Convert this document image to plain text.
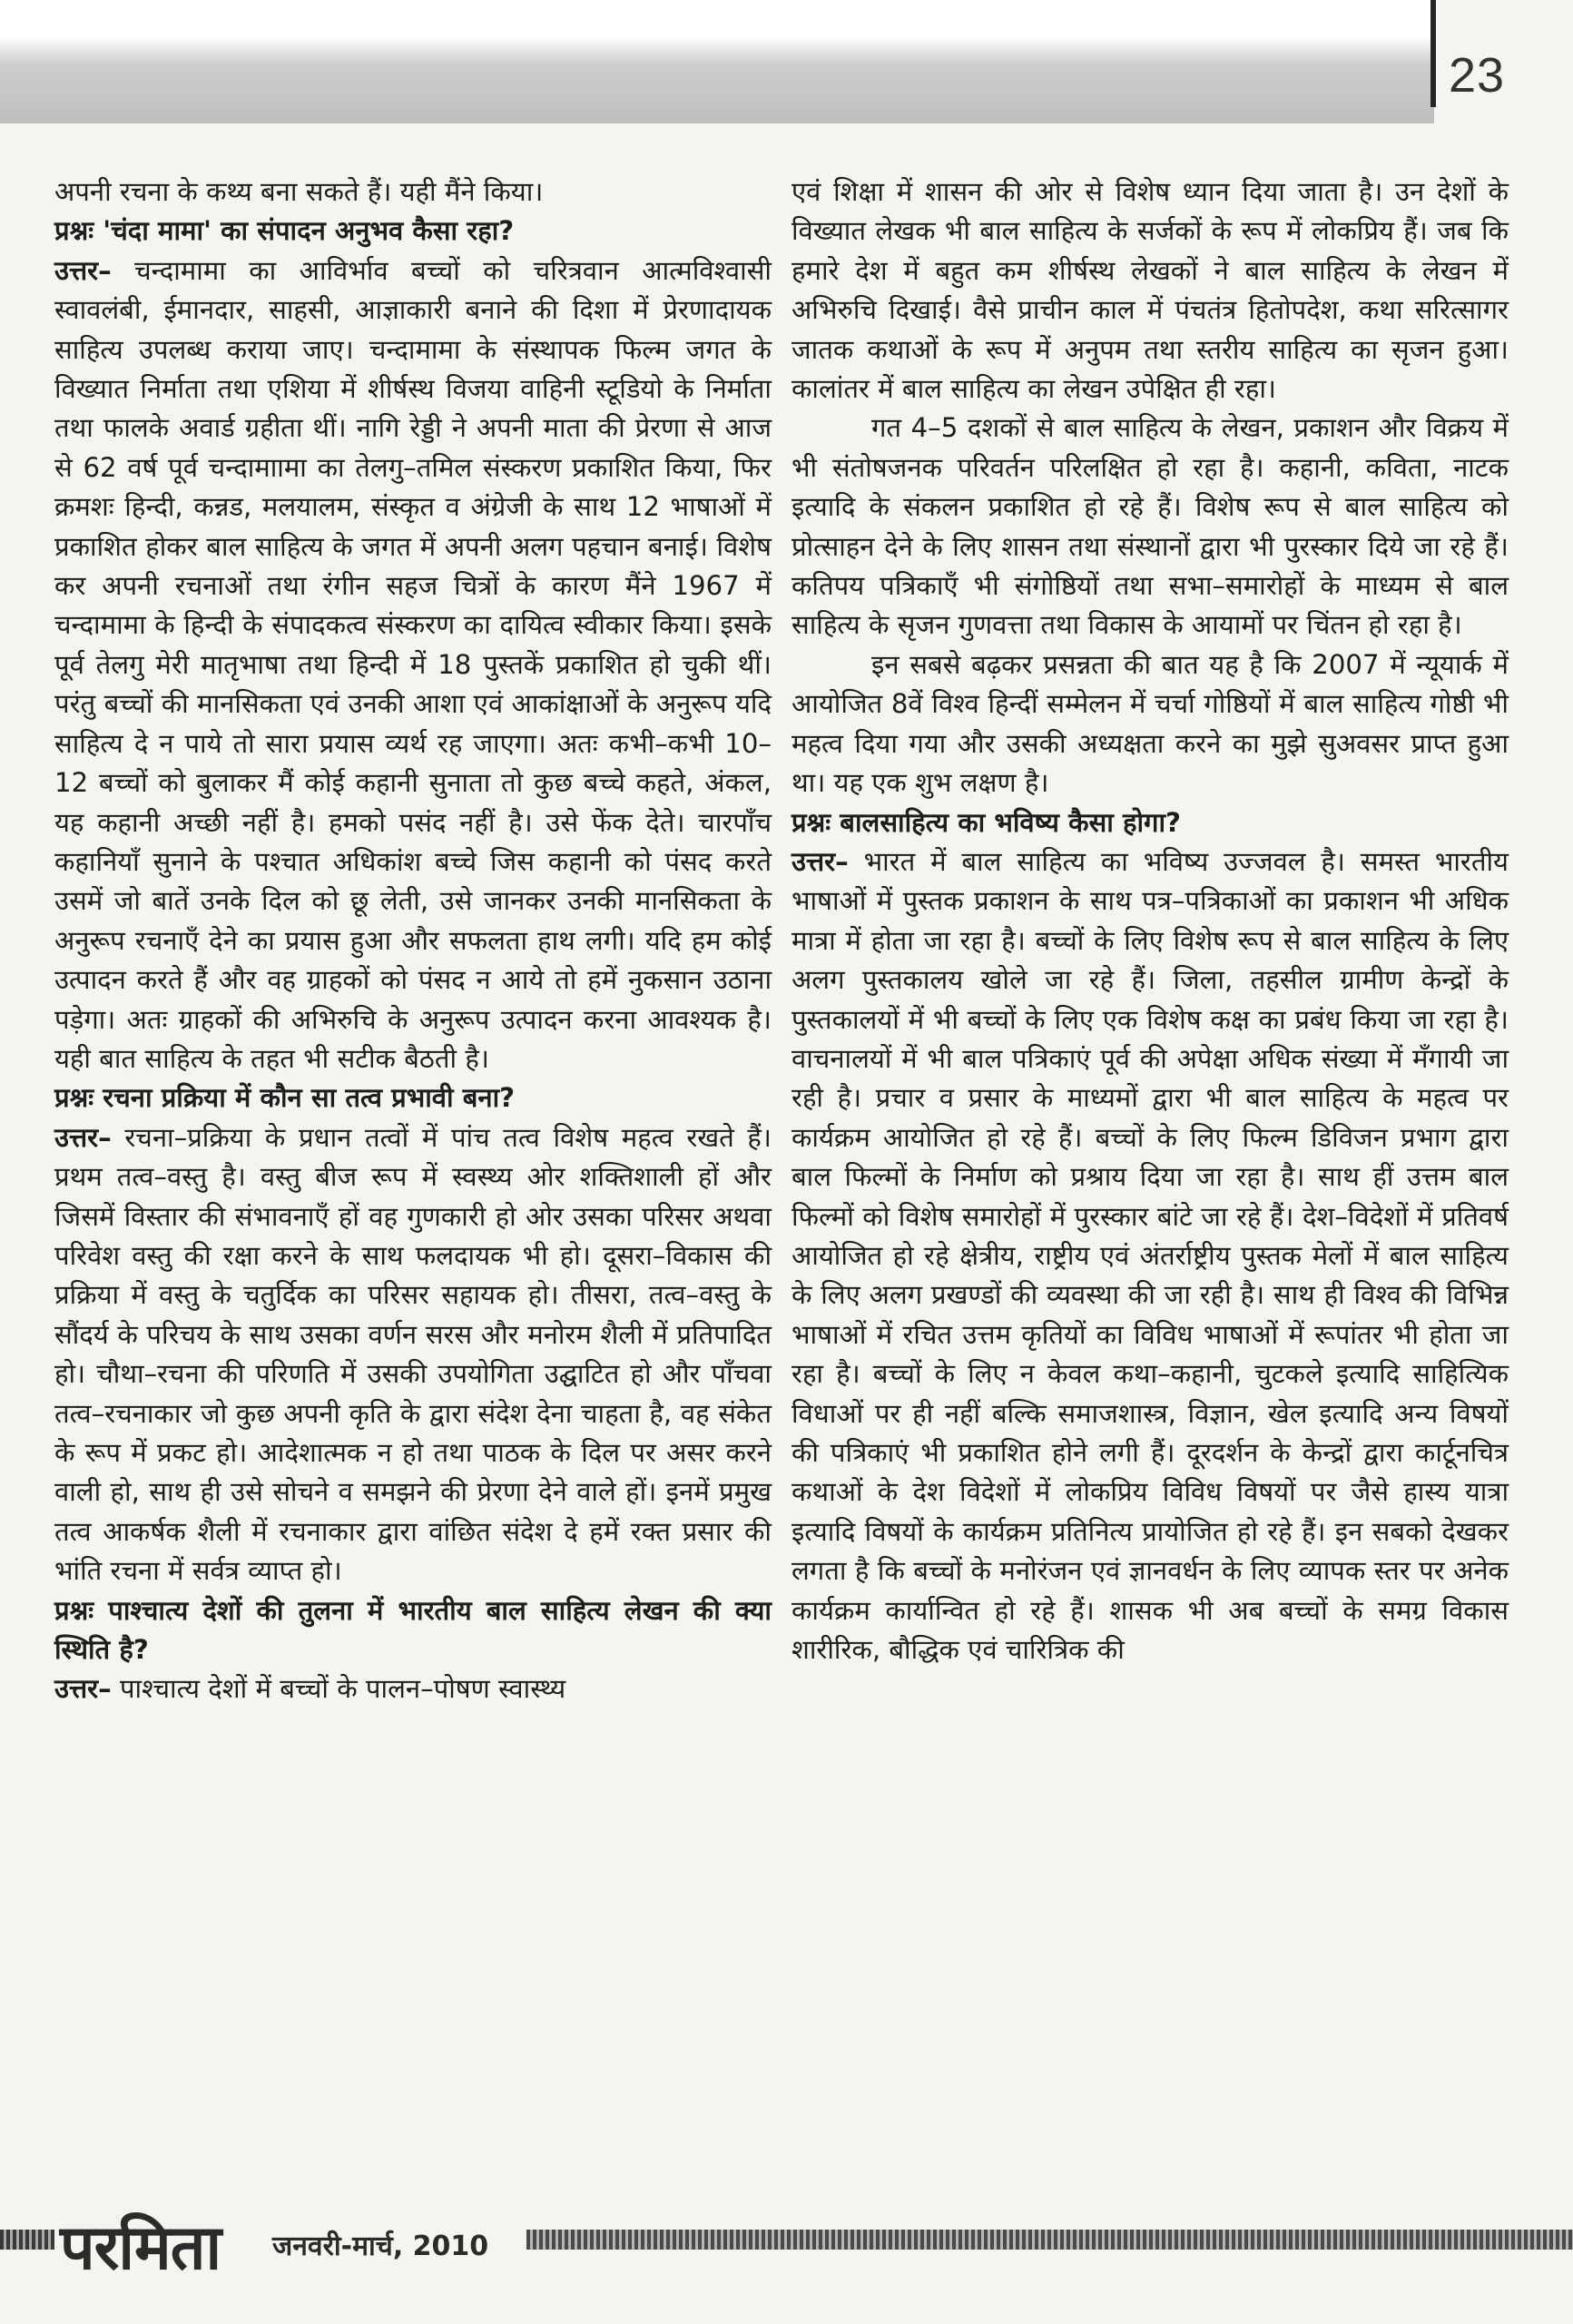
23

अपनी रचना के कथ्य बना सकते हैं। यही मैंने किया।

प्रश्नः 'चंदा मामा' का संपादन अनुभव कैसा रहा?

उत्तर– चन्दामामा का आविर्भाव बच्चों को चरित्रवान आत्मविश्वासी स्वावलंबी, ईमानदार, साहसी, आज्ञाकारी बनाने की दिशा में प्रेरणादायक साहित्य उपलब्ध कराया जाए। चन्दामामा के संस्थापक फिल्म जगत के विख्यात निर्माता तथा एशिया में शीर्षस्थ विजया वाहिनी स्टूडियो के निर्माता तथा फालके अवार्ड ग्रहीता थीं। नागि रेड्डी ने अपनी माता की प्रेरणा से आज से 62 वर्ष पूर्व चन्दामाामा का तेलगु–तमिल संस्करण प्रकाशित किया, फिर क्रमशः हिन्दी, कन्नड, मलयालम, संस्कृत व अंग्रेजी के साथ 12 भाषाओं में प्रकाशित होकर बाल साहित्य के जगत में अपनी अलग पहचान बनाई। विशेष कर अपनी रचनाओं तथा रंगीन सहज चित्रों के कारण मैंने 1967 में चन्दामामा के हिन्दी के संपादकत्व संस्करण का दायित्व स्वीकार किया। इसके पूर्व तेलगु मेरी मातृभाषा तथा हिन्दी में 18 पुस्तकें प्रकाशित हो चुकी थीं। परंतु बच्चों की मानसिकता एवं उनकी आशा एवं आकांक्षाओं के अनुरूप यदि साहित्य दे न पाये तो सारा प्रयास व्यर्थ रह जाएगा। अतः कभी–कभी 10–12 बच्चों को बुलाकर मैं कोई कहानी सुनाता तो कुछ बच्चे कहते, अंकल, यह कहानी अच्छी नहीं है। हमको पसंद नहीं है। उसे फेंक देते। चारपाँच कहानियाँ सुनाने के पश्चात अधिकांश बच्चे जिस कहानी को पंसद करते उसमें जो बातें उनके दिल को छू लेती, उसे जानकर उनकी मानसिकता के अनुरूप रचनाएँ देने का प्रयास हुआ और सफलता हाथ लगी। यदि हम कोई उत्पादन करते हैं और वह ग्राहकों को पंसद न आये तो हमें नुकसान उठाना पड़ेगा। अतः ग्राहकों की अभिरुचि के अनुरूप उत्पादन करना आवश्यक है। यही बात साहित्य के तहत भी सटीक बैठती है।

प्रश्नः रचना प्रक्रिया में कौन सा तत्व प्रभावी बना?

उत्तर– रचना–प्रक्रिया के प्रधान तत्वों में पांच तत्व विशेष महत्व रखते हैं। प्रथम तत्व–वस्तु है। वस्तु बीज रूप में स्वस्थ्य ओर शक्तिशाली हों और जिसमें विस्तार की संभावनाएँ हों वह गुणकारी हो ओर उसका परिसर अथवा परिवेश वस्तु की रक्षा करने के साथ फलदायक भी हो। दूसरा–विकास की प्रक्रिया में वस्तु के चतुर्दिक का परिसर सहायक हो। तीसरा, तत्व–वस्तु के सौंदर्य के परिचय के साथ उसका वर्णन सरस और मनोरम शैली में प्रतिपादित हो। चौथा–रचना की परिणति में उसकी उपयोगिता उद्घाटित हो और पाँचवा तत्व–रचनाकार जो कुछ अपनी कृति के द्वारा संदेश देना चाहता है, वह संकेत के रूप में प्रकट हो। आदेशात्मक न हो तथा पाठक के दिल पर असर करने वाली हो, साथ ही उसे सोचने व समझने की प्रेरणा देने वाले हों। इनमें प्रमुख तत्व आकर्षक शैली में रचनाकार द्वारा वांछित संदेश दे हमें रक्त प्रसार की भांति रचना में सर्वत्र व्याप्त हो।

प्रश्नः पाश्चात्य देशों की तुलना में भारतीय बाल साहित्य लेखन की क्या स्थिति है?

उत्तर– पाश्चात्य देशों में बच्चों के पालन–पोषण स्वास्थ्य

एवं शिक्षा में शासन की ओर से विशेष ध्यान दिया जाता है। उन देशों के विख्यात लेखक भी बाल साहित्य के सर्जकों के रूप में लोकप्रिय हैं। जब कि हमारे देश में बहुत कम शीर्षस्थ लेखकों ने बाल साहित्य के लेखन में अभिरुचि दिखाई। वैसे प्राचीन काल में पंचतंत्र हितोपदेश, कथा सरित्सागर जातक कथाओं के रूप में अनुपम तथा स्तरीय साहित्य का सृजन हुआ। कालांतर में बाल साहित्य का लेखन उपेक्षित ही रहा।

गत 4–5 दशकों से बाल साहित्य के लेखन, प्रकाशन और विक्रय में भी संतोषजनक परिवर्तन परिलक्षित हो रहा है। कहानी, कविता, नाटक इत्यादि के संकलन प्रकाशित हो रहे हैं। विशेष रूप से बाल साहित्य को प्रोत्साहन देने के लिए शासन तथा संस्थानों द्वारा भी पुरस्कार दिये जा रहे हैं। कतिपय पत्रिकाएँ भी संगोष्ठियों तथा सभा–समारोहों के माध्यम से बाल साहित्य के सृजन गुणवत्ता तथा विकास के आयामों पर चिंतन हो रहा है।

इन सबसे बढ़कर प्रसन्नता की बात यह है कि 2007 में न्यूयार्क में आयोजित 8वें विश्व हिन्दीं सम्मेलन में चर्चा गोष्ठियों में बाल साहित्य गोष्ठी भी महत्व दिया गया और उसकी अध्यक्षता करने का मुझे सुअवसर प्राप्त हुआ था। यह एक शुभ लक्षण है।

प्रश्नः बालसाहित्य का भविष्य कैसा होगा?

उत्तर– भारत में बाल साहित्य का भविष्य उज्जवल है। समस्त भारतीय भाषाओं में पुस्तक प्रकाशन के साथ पत्र–पत्रिकाओं का प्रकाशन भी अधिक मात्रा में होता जा रहा है। बच्चों के लिए विशेष रूप से बाल साहित्य के लिए अलग पुस्तकालय खोले जा रहे हैं। जिला, तहसील ग्रामीण केन्द्रों के पुस्तकालयों में भी बच्चों के लिए एक विशेष कक्ष का प्रबंध किया जा रहा है। वाचनालयों में भी बाल पत्रिकाएं पूर्व की अपेक्षा अधिक संख्या में मँगायी जा रही है। प्रचार व प्रसार के माध्यमों द्वारा भी बाल साहित्य के महत्व पर कार्यक्रम आयोजित हो रहे हैं। बच्चों के लिए फिल्म डिविजन प्रभाग द्वारा बाल फिल्मों के निर्माण को प्रश्राय दिया जा रहा है। साथ हीं उत्तम बाल फिल्मों को विशेष समारोहों में पुरस्कार बांटे जा रहे हैं। देश–विदेशों में प्रतिवर्ष आयोजित हो रहे क्षेत्रीय, राष्ट्रीय एवं अंतर्राष्ट्रीय पुस्तक मेलों में बाल साहित्य के लिए अलग प्रखण्डों की व्यवस्था की जा रही है। साथ ही विश्व की विभिन्न भाषाओं में रचित उत्तम कृतियों का विविध भाषाओं में रूपांतर भी होता जा रहा है। बच्चों के लिए न केवल कथा–कहानी, चुटकले इत्यादि साहित्यिक विधाओं पर ही नहीं बल्कि समाजशास्त्र, विज्ञान, खेल इत्यादि अन्य विषयों की पत्रिकाएं भी प्रकाशित होने लगी हैं। दूरदर्शन के केन्द्रों द्वारा कार्टूनचित्र कथाओं के देश विदेशों में लोकप्रिय विविध विषयों पर जैसे हास्य यात्रा इत्यादि विषयों के कार्यक्रम प्रतिनित्य प्रायोजित हो रहे हैं। इन सबको देखकर लगता है कि बच्चों के मनोरंजन एवं ज्ञानवर्धन के लिए व्यापक स्तर पर अनेक कार्यक्रम कार्यान्वित हो रहे हैं। शासक भी अब बच्चों के समग्र विकास शारीरिक, बौद्धिक एवं चारित्रिक की

परमिता जनवरी-मार्च, 2010
